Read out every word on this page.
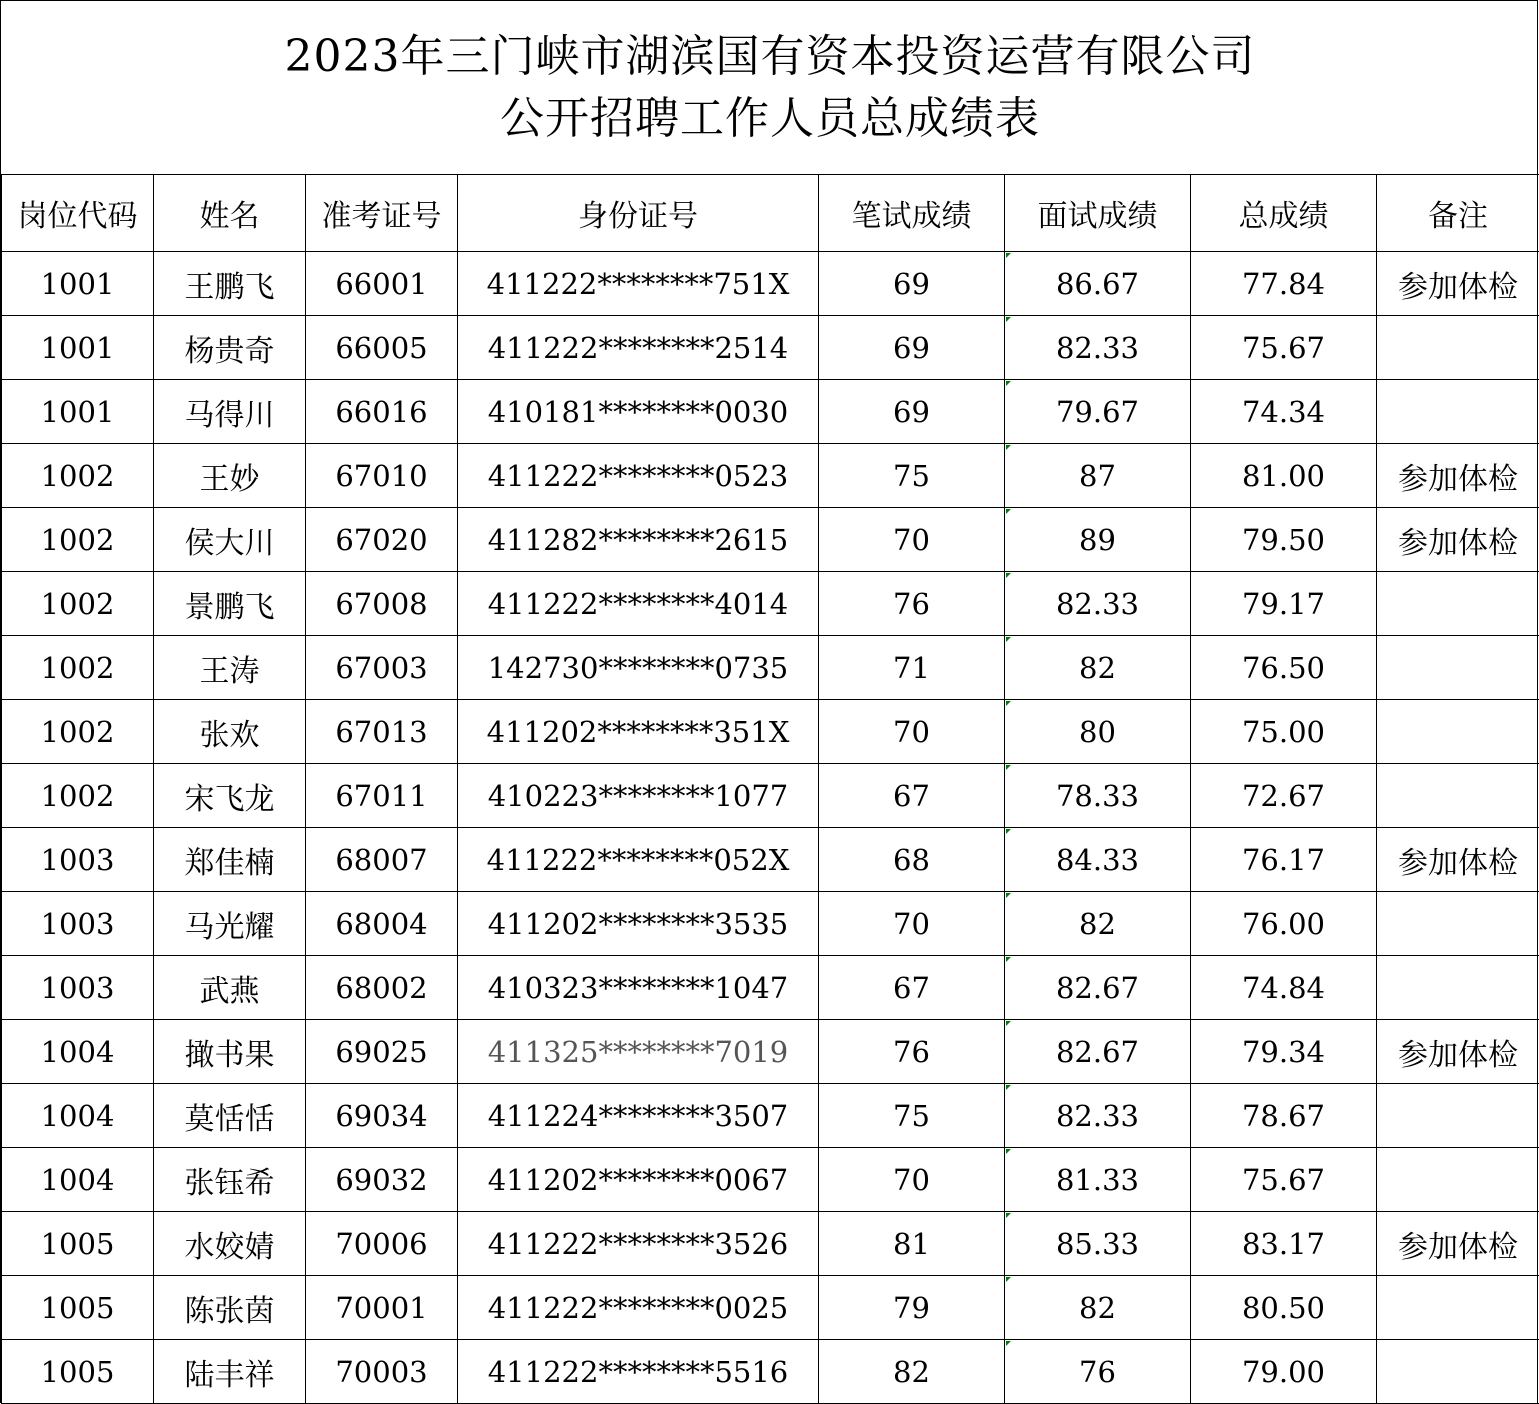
2023年三门峡市湖滨国有资本投资运营有限公司
公开招聘工作人员总成绩表
岗位代码	姓名	准考证号	身份证号	笔试成绩	面试成绩	总成绩	备注
1001	王鹏飞	66001	411222********751X	69	86.67	77.84	参加体检
1001	杨贵奇	66005	411222********2514	69	82.33	75.67	
1001	马得川	66016	410181********0030	69	79.67	74.34	
1002	王妙	67010	411222********0523	75	87	81.00	参加体检
1002	侯大川	67020	411282********2615	70	89	79.50	参加体检
1002	景鹏飞	67008	411222********4014	76	82.33	79.17	
1002	王涛	67003	142730********0735	71	82	76.50	
1002	张欢	67013	411202********351X	70	80	75.00	
1002	宋飞龙	67011	410223********1077	67	78.33	72.67	
1003	郑佳楠	68007	411222********052X	68	84.33	76.17	参加体检
1003	马光耀	68004	411202********3535	70	82	76.00	
1003	武燕	68002	410323********1047	67	82.67	74.84	
1004	撖书果	69025	411325********7019	76	82.67	79.34	参加体检
1004	莫恬恬	69034	411224********3507	75	82.33	78.67	
1004	张钰希	69032	411202********0067	70	81.33	75.67	
1005	水姣婧	70006	411222********3526	81	85.33	83.17	参加体检
1005	陈张茵	70001	411222********0025	79	82	80.50	
1005	陆丰祥	70003	411222********5516	82	76	79.00	
